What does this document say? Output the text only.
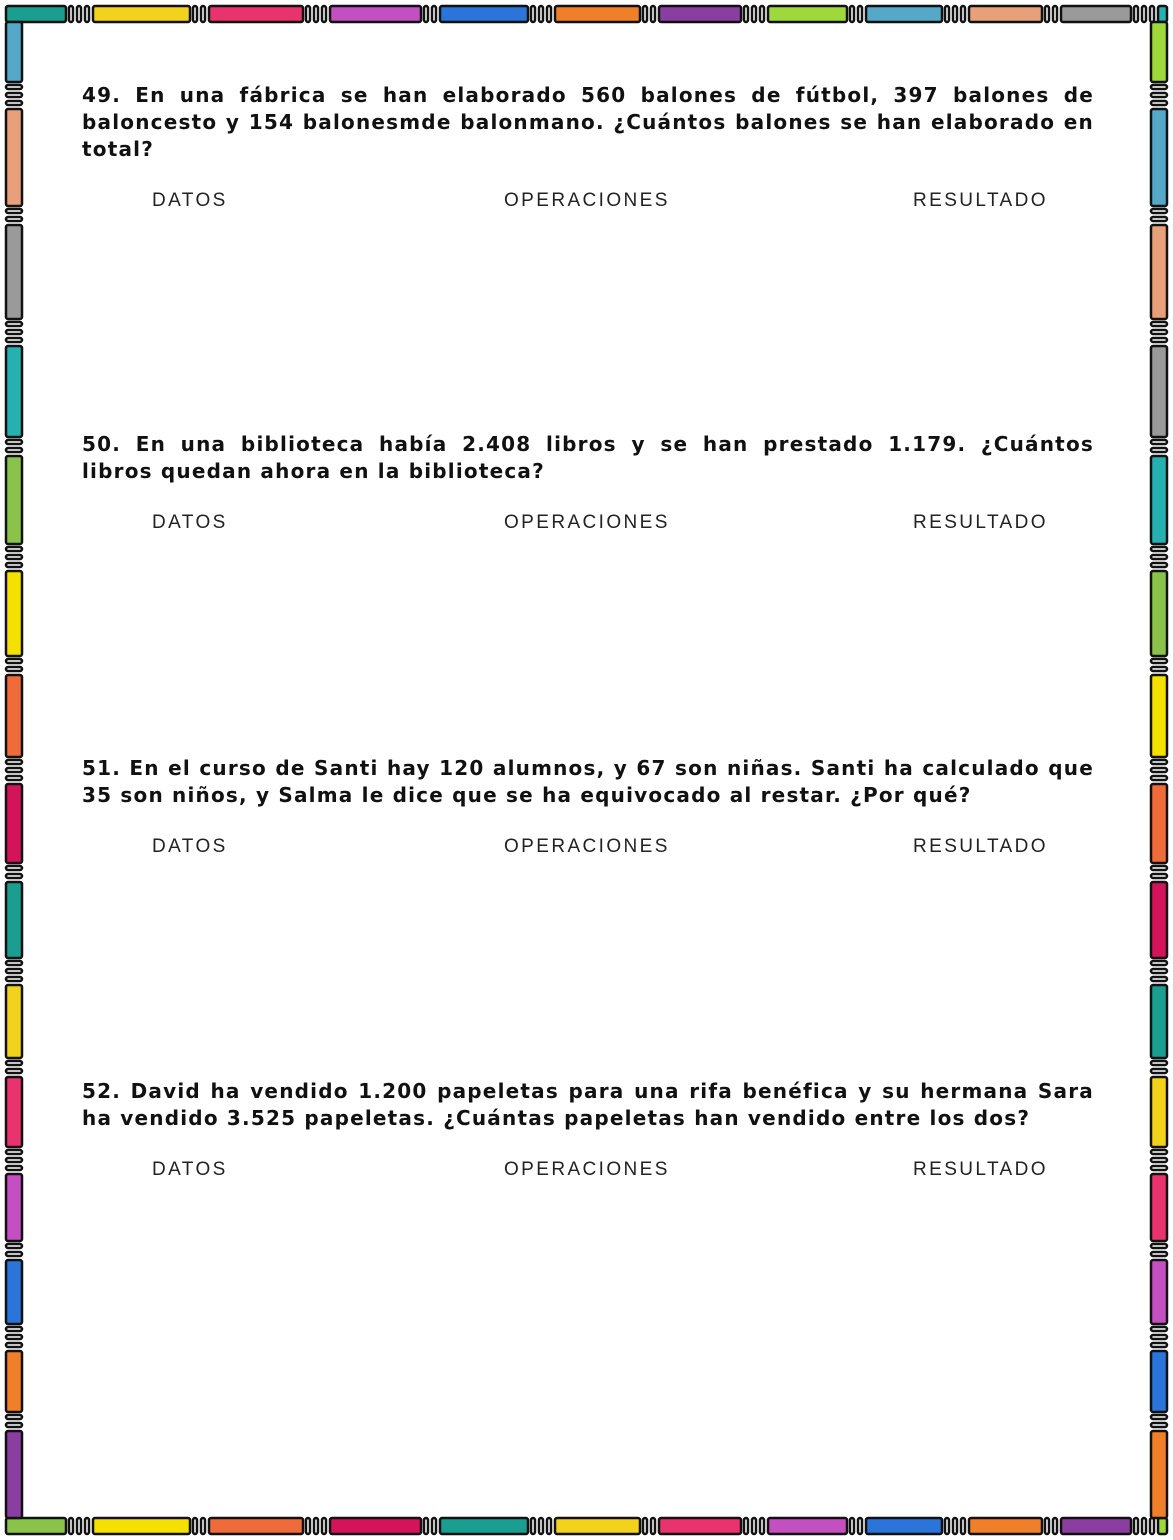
49. En una fábrica se han elaborado 560 balones de fútbol, 397 balones de baloncesto y 154 balonesmde balonmano. ¿Cuántos balones se han elaborado en total?

DATOS	OPERACIONES	RESULTADO

50. En una biblioteca había 2.408 libros y se han prestado 1.179. ¿Cuántos libros quedan ahora en la biblioteca?

DATOS	OPERACIONES	RESULTADO

51. En el curso de Santi hay 120 alumnos, y 67 son niñas. Santi ha calculado que 35 son niños, y Salma le dice que se ha equivocado al restar. ¿Por qué?

DATOS	OPERACIONES	RESULTADO

52. David ha vendido 1.200 papeletas para una rifa benéfica y su hermana Sara ha vendido 3.525 papeletas. ¿Cuántas papeletas han vendido entre los dos?

DATOS	OPERACIONES	RESULTADO
